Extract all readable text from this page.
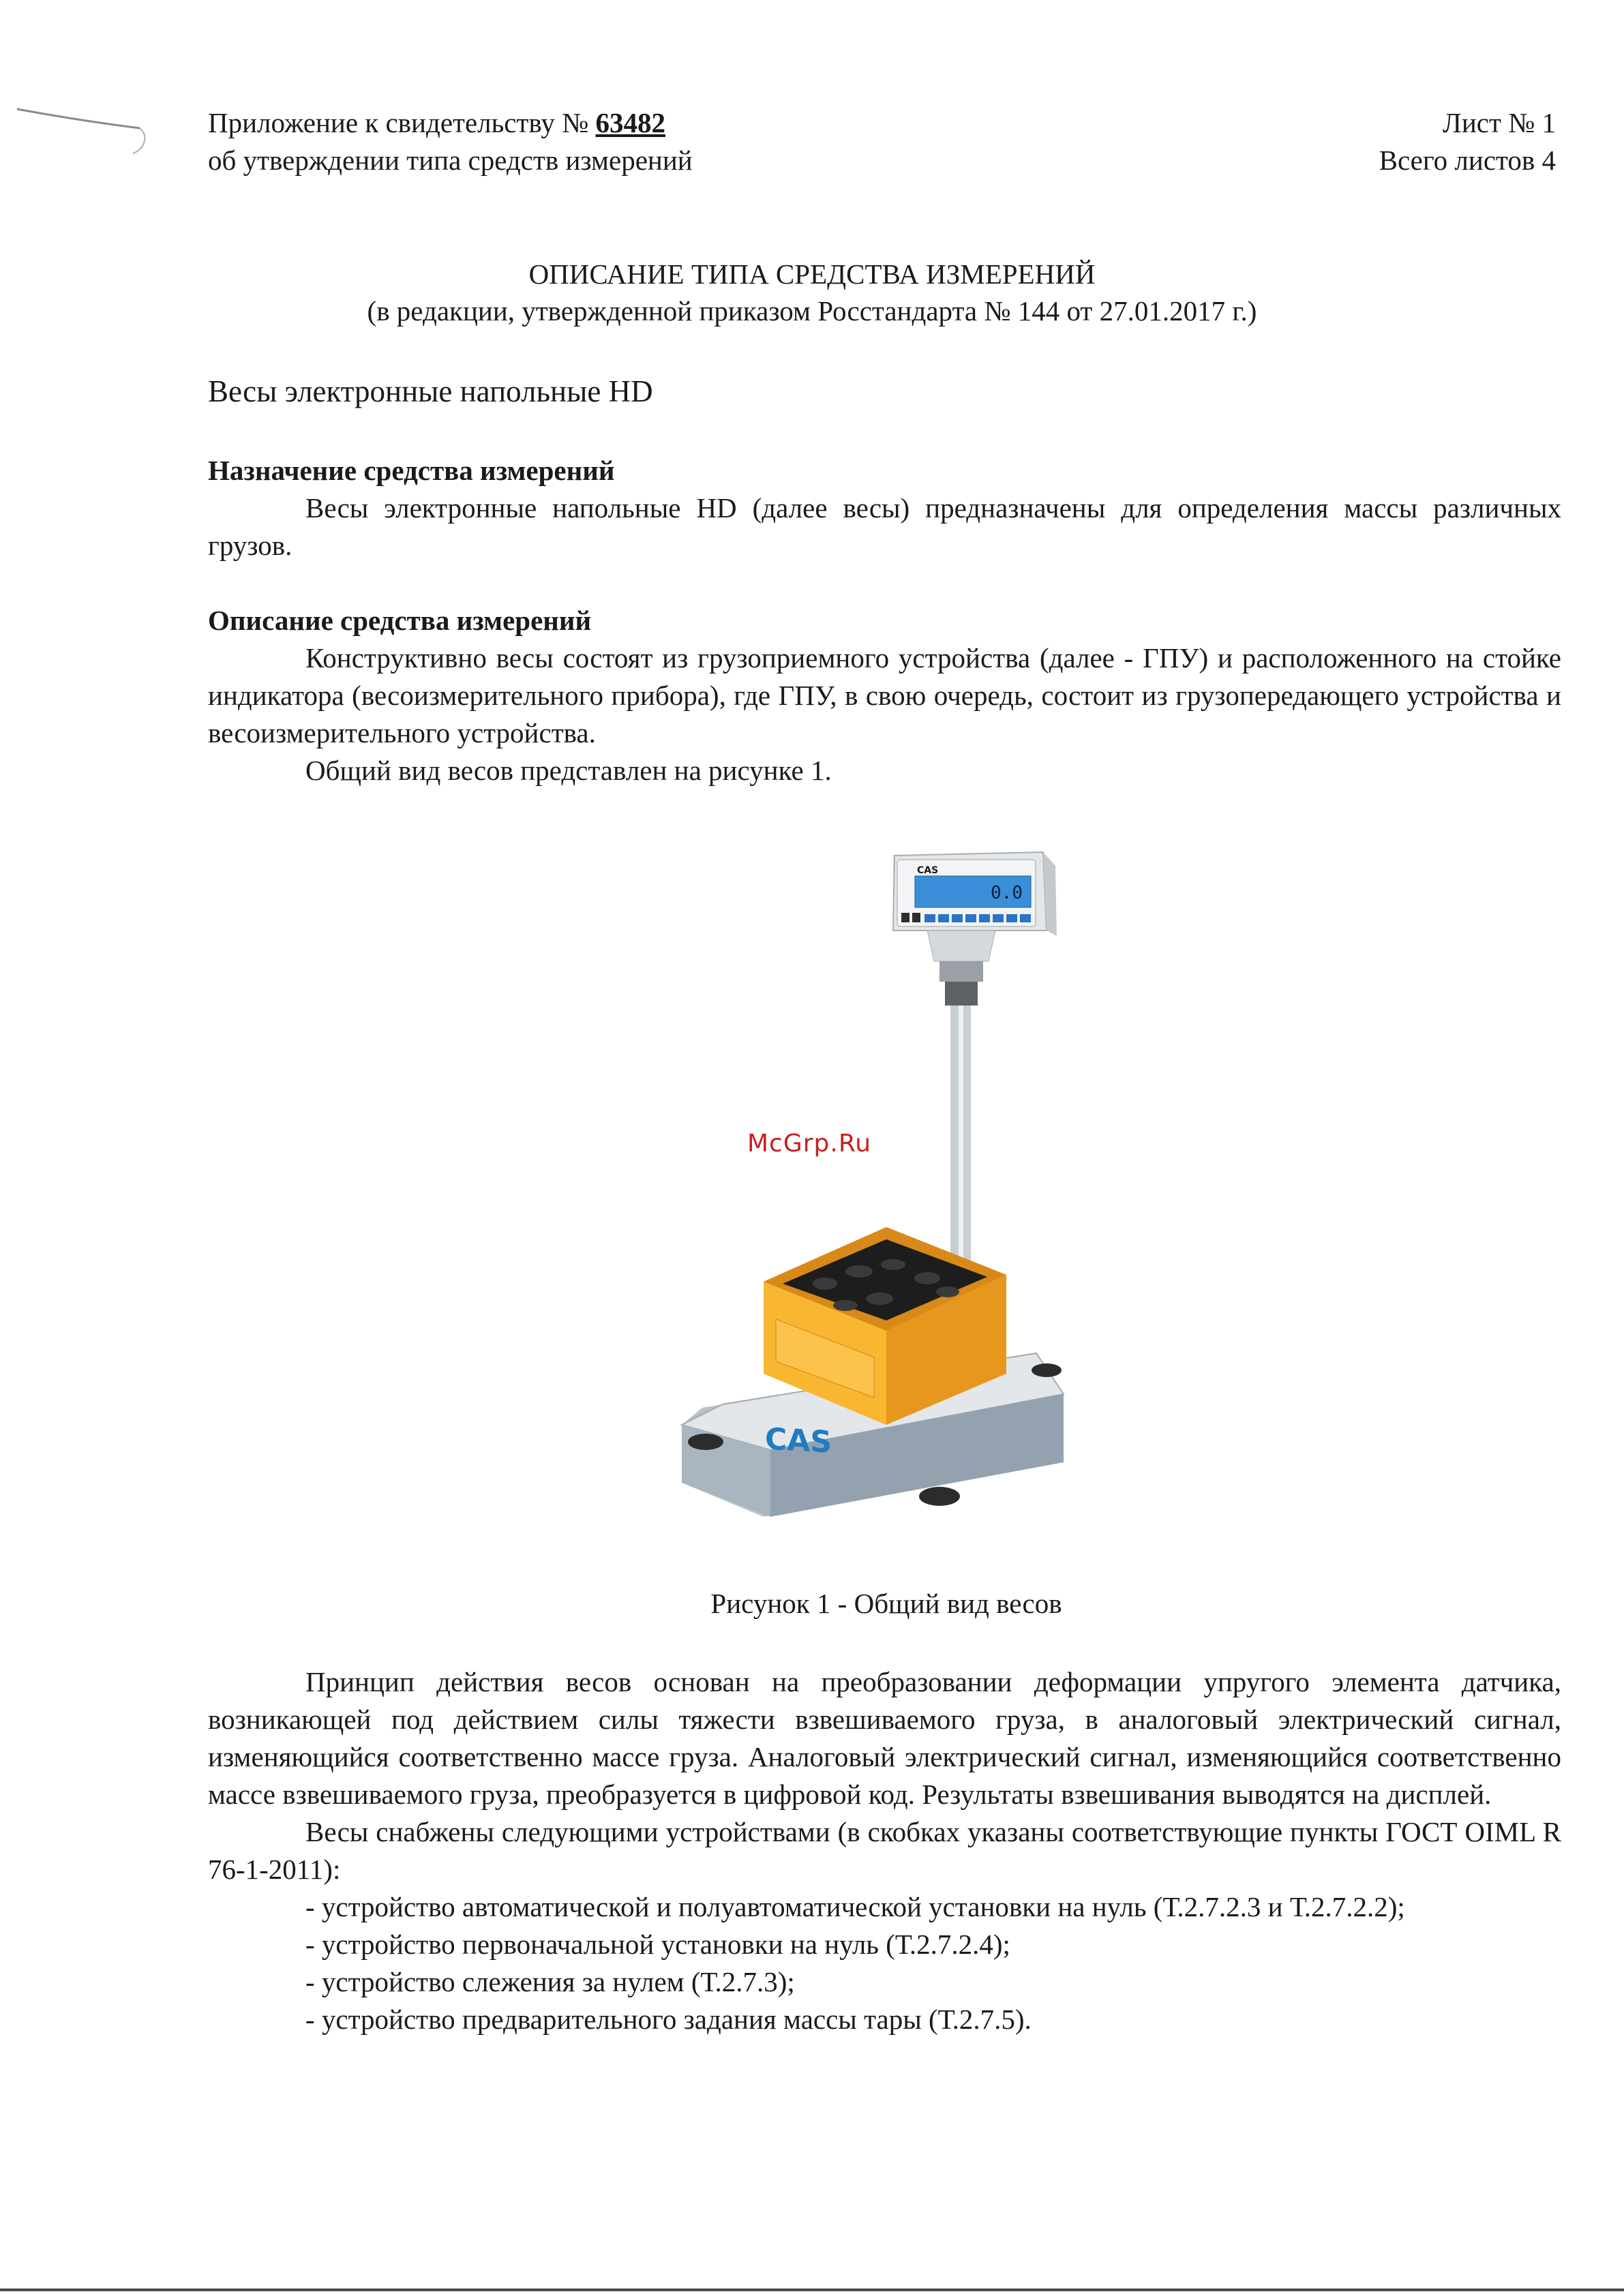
Приложение к свидетельству № 63482
об утверждении типа средств измерений
Лист № 1
Всего листов 4
ОПИСАНИЕ ТИПА СРЕДСТВА ИЗМЕРЕНИЙ
(в редакции, утвержденной приказом Росстандарта № 144 от 27.01.2017 г.)
Весы электронные напольные HD
Назначение средства измерений

Весы электронные напольные HD (далее весы) предназначены для определения массы различных грузов.

Описание средства измерений

Конструктивно весы состоят из грузоприемного устройства (далее - ГПУ) и расположенного на стойке индикатора (весоизмерительного прибора), где ГПУ, в свою очередь, состоит из грузопередающего устройства и весоизмерительного устройства.

Общий вид весов представлен на рисунке 1.

CAS
0.0
CAS
McGrp.Ru
Рисунок 1 - Общий вид весов

Принцип действия весов основан на преобразовании деформации упругого элемента датчика, возникающей под действием силы тяжести взвешиваемого груза, в аналоговый электрический сигнал, изменяющийся соответственно массе груза. Аналоговый электрический сигнал, изменяющийся соответственно массе взвешиваемого груза, преобразуется в цифровой код. Результаты взвешивания выводятся на дисплей.

Весы снабжены следующими устройствами (в скобках указаны соответствующие пункты ГОСТ OIML R 76-1-2011):

- устройство автоматической и полуавтоматической установки на нуль (Т.2.7.2.3 и Т.2.7.2.2);

- устройство первоначальной установки на нуль (Т.2.7.2.4);

- устройство слежения за нулем (Т.2.7.3);

- устройство предварительного задания массы тары (Т.2.7.5).
